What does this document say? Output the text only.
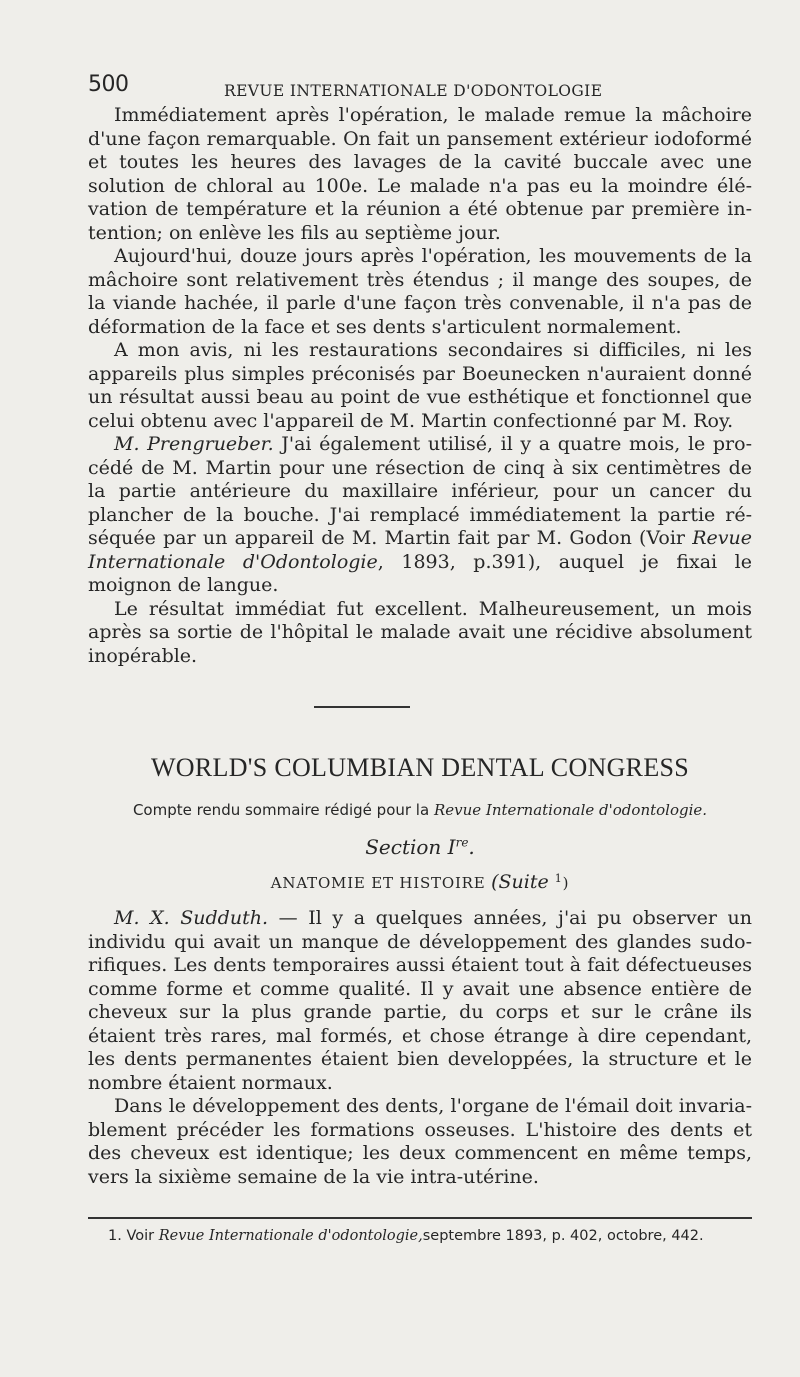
500	REVUE INTERNATIONALE D'ODONTOLOGIE

Immédiatement après l'opération, le malade remue la mâchoire d'une façon remarquable. On fait un pansement extérieur iodoformé et toutes les heures des lavages de la cavité buccale avec une solution de chloral au 100e. Le malade n'a pas eu la moindre élévation de température et la réunion a été obtenue par première intention; on enlève les fils au septième jour.

Aujourd'hui, douze jours après l'opération, les mouvements de la mâchoire sont relativement très étendus ; il mange des soupes, de la viande hachée, il parle d'une façon très convenable, il n'a pas de déformation de la face et ses dents s'articulent normalement.

A mon avis, ni les restaurations secondaires si difficiles, ni les appareils plus simples préconisés par Boeunecken n'auraient donné un résultat aussi beau au point de vue esthétique et fonctionnel que celui obtenu avec l'appareil de M. Martin confectionné par M. Roy.

M. Prengrueber. J'ai également utilisé, il y a quatre mois, le procédé de M. Martin pour une résection de cinq à six centimètres de la partie antérieure du maxillaire inférieur, pour un cancer du plancher de la bouche. J'ai remplacé immédiatement la partie réséquée par un appareil de M. Martin fait par M. Godon (Voir Revue Internationale d'Odontologie, 1893, p.391), auquel je fixai le moignon de langue.

Le résultat immédiat fut excellent. Malheureusement, un mois après sa sortie de l'hôpital le malade avait une récidive absolument inopérable.

WORLD'S COLUMBIAN DENTAL CONGRESS
Compte rendu sommaire rédigé pour la Revue Internationale d'odontologie.
Section Ire.
ANATOMIE ET HISTOIRE (Suite $^1$)

M. X. Sudduth. — Il y a quelques années, j'ai pu observer un individu qui avait un manque de développement des glandes sudorifiques. Les dents temporaires aussi étaient tout à fait défectueuses comme forme et comme qualité. Il y avait une absence entière de cheveux sur la plus grande partie, du corps et sur le crâne ils étaient très rares, mal formés, et chose étrange à dire cependant, les dents permanentes étaient bien developpées, la structure et le nombre étaient normaux.

Dans le développement des dents, l'organe de l'émail doit invariablement précéder les formations osseuses. L'histoire des dents et des cheveux est identique; les deux commencent en même temps, vers la sixième semaine de la vie intra-utérine.

1. Voir Revue Internationale d'odontologie,septembre 1893, p. 402, octobre, 442.
